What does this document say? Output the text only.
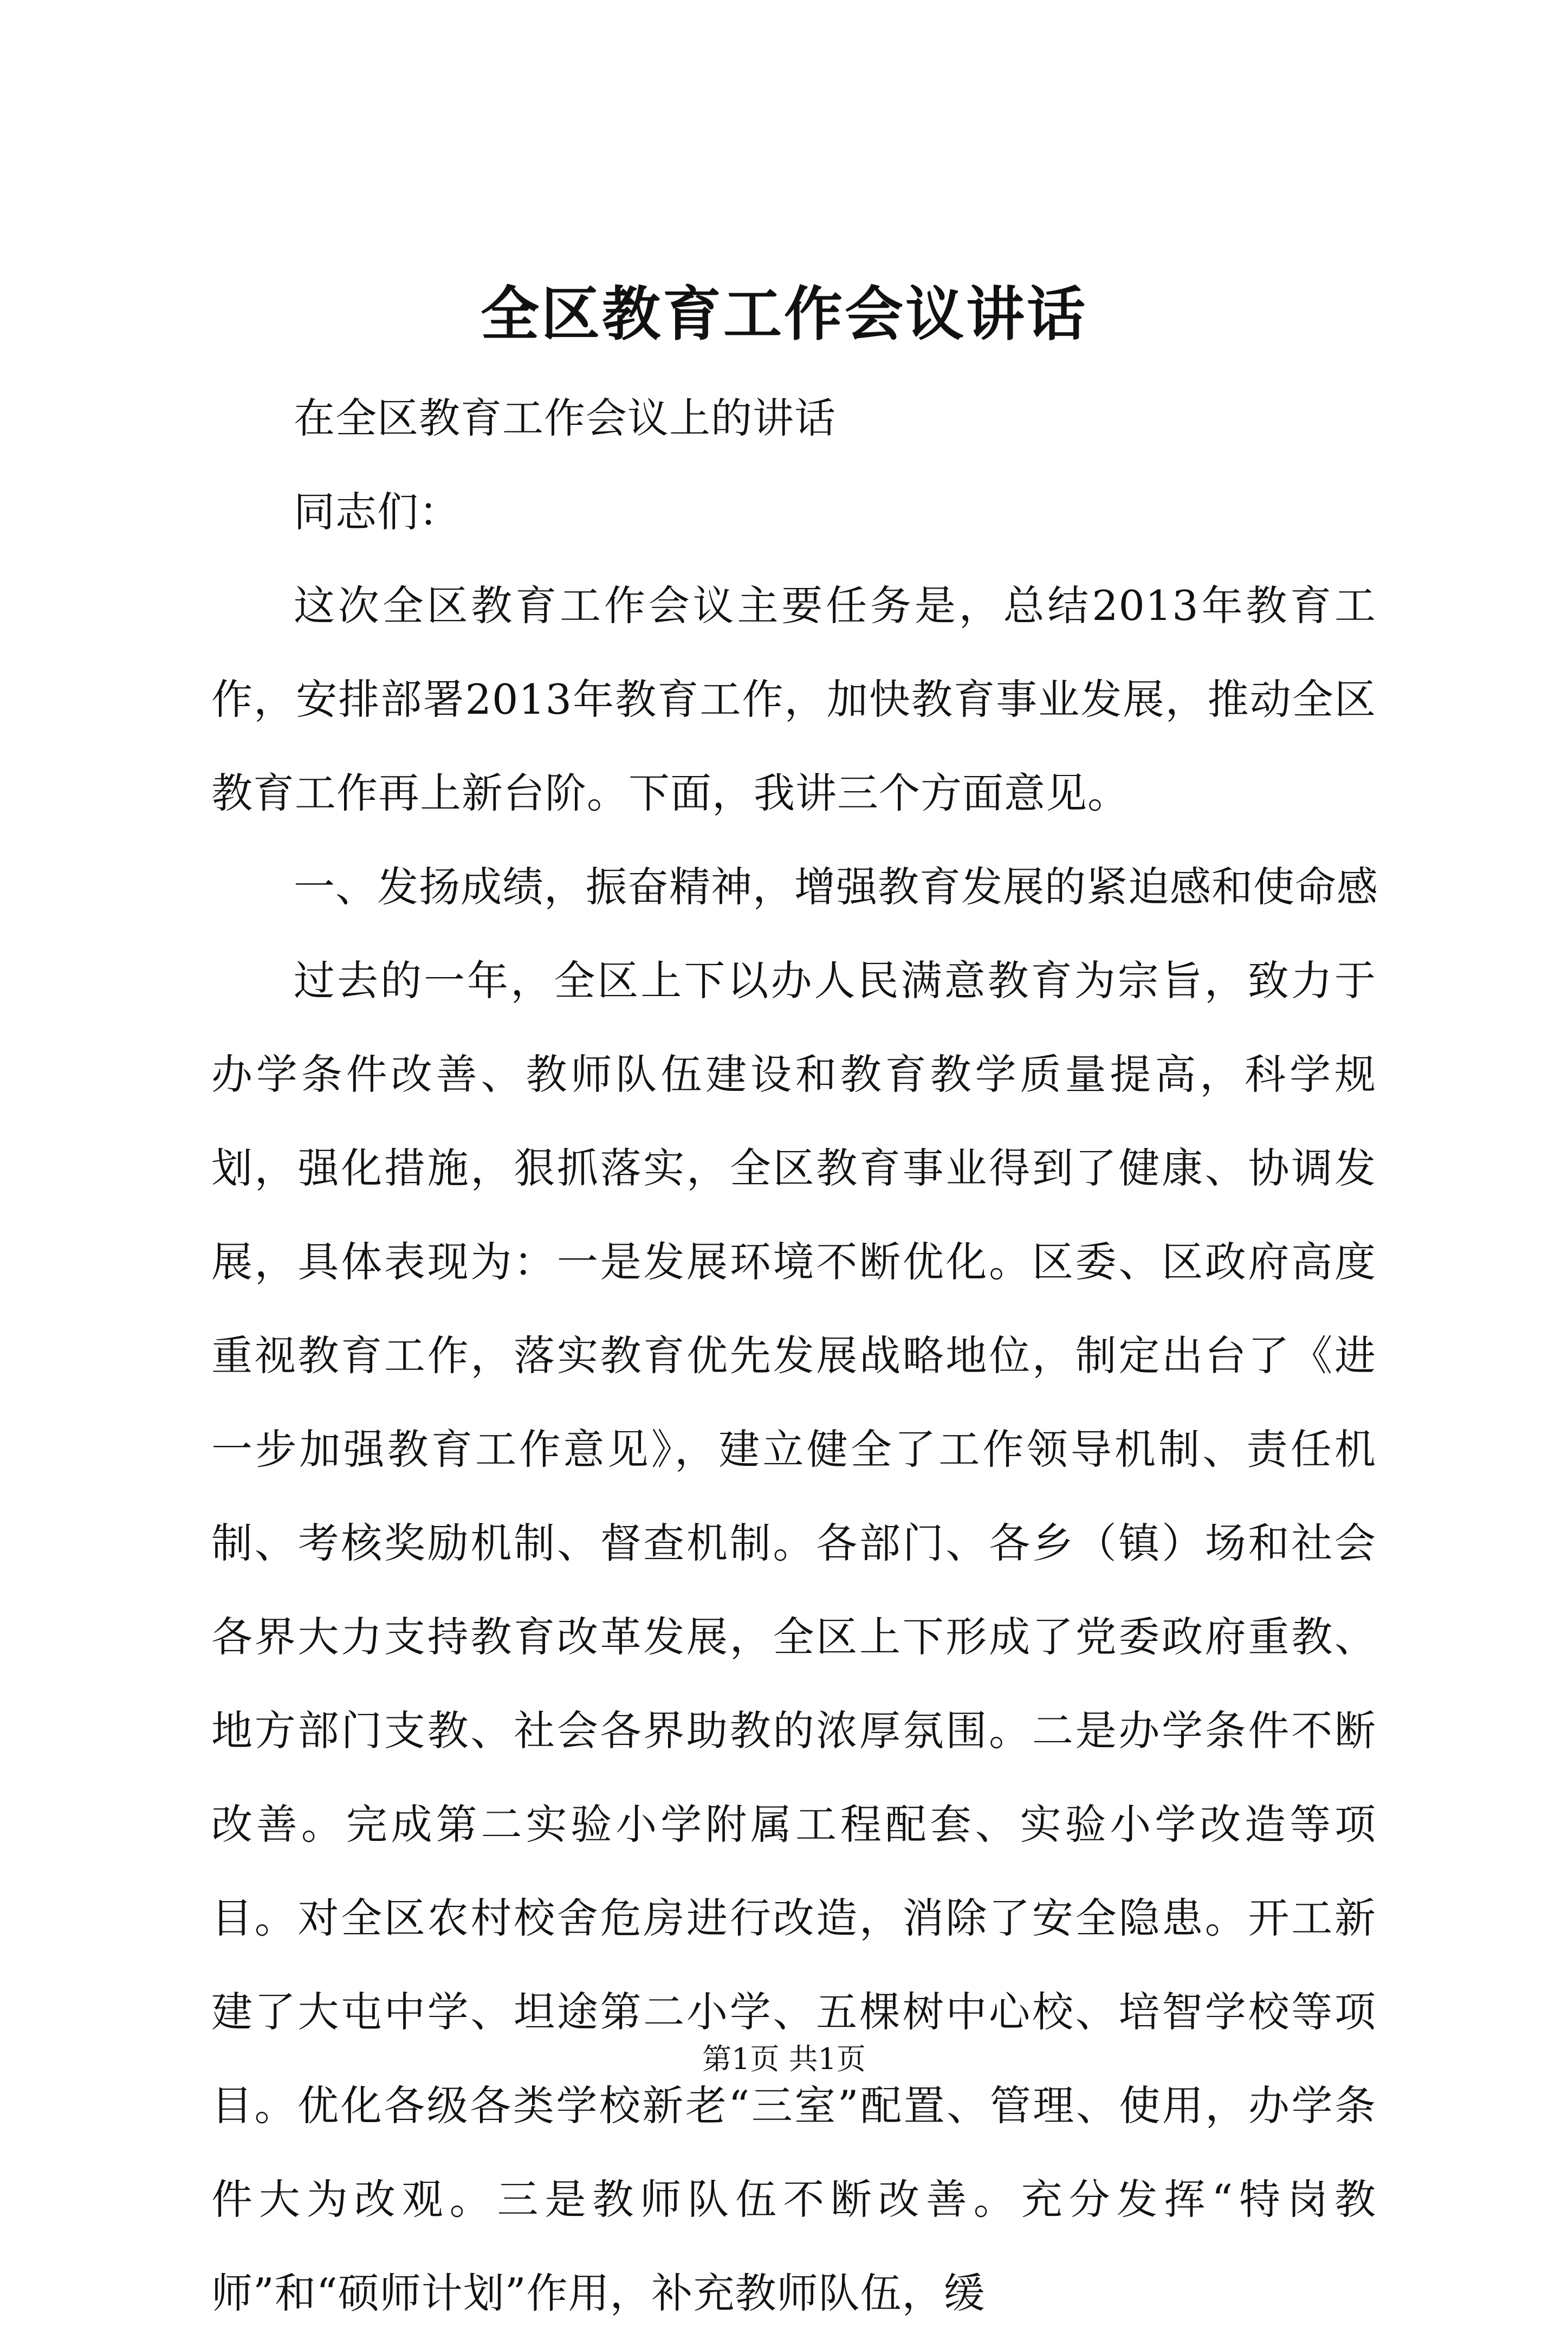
全区教育工作会议讲话

在全区教育工作会议上的讲话

同志们：

这次全区教育工作会议主要任务是，总结2013年教育工作，安排部署2013年教育工作，加快教育事业发展，推动全区教育工作再上新台阶。下面，我讲三个方面意见。

一、发扬成绩，振奋精神，增强教育发展的紧迫感和使命感

过去的一年，全区上下以办人民满意教育为宗旨，致力于办学条件改善、教师队伍建设和教育教学质量提高，科学规划，强化措施，狠抓落实，全区教育事业得到了健康、协调发展，具体表现为：一是发展环境不断优化。区委、区政府高度重视教育工作，落实教育优先发展战略地位，制定出台了《进一步加强教育工作意见》，建立健全了工作领导机制、责任机制、考核奖励机制、督查机制。各部门、各乡（镇）场和社会各界大力支持教育改革发展，全区上下形成了党委政府重教、地方部门支教、社会各界助教的浓厚氛围。二是办学条件不断改善。完成第二实验小学附属工程配套、实验小学改造等项目。对全区农村校舍危房进行改造，消除了安全隐患。开工新建了大屯中学、坦途第二小学、五棵树中心校、培智学校等项目。优化各级各类学校新老“三室”配置、管理、使用，办学条件大为改观。三是教师队伍不断改善。充分发挥“特岗教师”和“硕师计划”作用，补充教师队伍，缓

第1页 共1页
